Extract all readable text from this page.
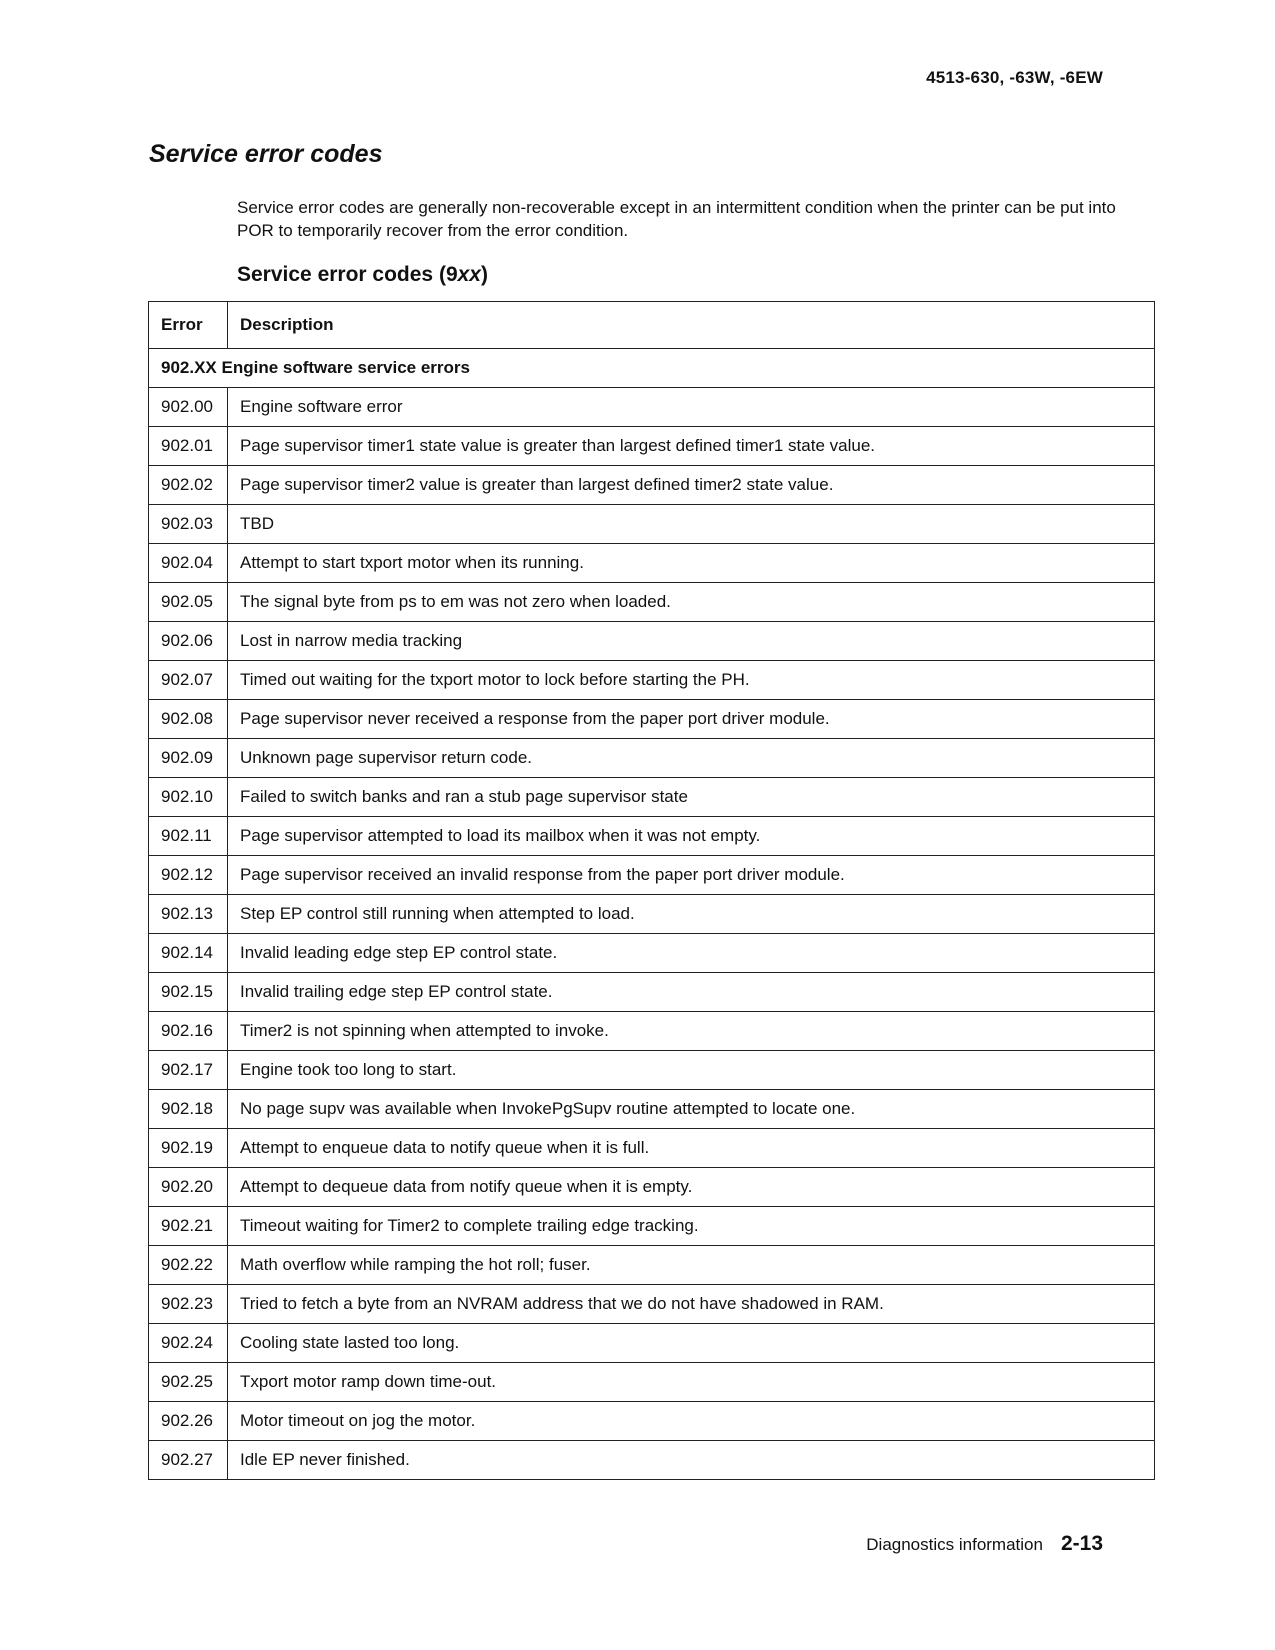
4513-630, -63W, -6EW
Service error codes

Service error codes are generally non-recoverable except in an intermittent condition when the printer can be put into POR to temporarily recover from the error condition.

Service error codes (9xx)
Error	Description
902.XX Engine software service errors	
902.00	Engine software error
902.01	Page supervisor timer1 state value is greater than largest defined timer1 state value.
902.02	Page supervisor timer2 value is greater than largest defined timer2 state value.
902.03	TBD
902.04	Attempt to start txport motor when its running.
902.05	The signal byte from ps to em was not zero when loaded.
902.06	Lost in narrow media tracking
902.07	Timed out waiting for the txport motor to lock before starting the PH.
902.08	Page supervisor never received a response from the paper port driver module.
902.09	Unknown page supervisor return code.
902.10	Failed to switch banks and ran a stub page supervisor state
902.11	Page supervisor attempted to load its mailbox when it was not empty.
902.12	Page supervisor received an invalid response from the paper port driver module.
902.13	Step EP control still running when attempted to load.
902.14	Invalid leading edge step EP control state.
902.15	Invalid trailing edge step EP control state.
902.16	Timer2 is not spinning when attempted to invoke.
902.17	Engine took too long to start.
902.18	No page supv was available when InvokePgSupv routine attempted to locate one.
902.19	Attempt to enqueue data to notify queue when it is full.
902.20	Attempt to dequeue data from notify queue when it is empty.
902.21	Timeout waiting for Timer2 to complete trailing edge tracking.
902.22	Math overflow while ramping the hot roll; fuser.
902.23	Tried to fetch a byte from an NVRAM address that we do not have shadowed in RAM.
902.24	Cooling state lasted too long.
902.25	Txport motor ramp down time-out.
902.26	Motor timeout on jog the motor.
902.27	Idle EP never finished.
Diagnostics information 2-13
